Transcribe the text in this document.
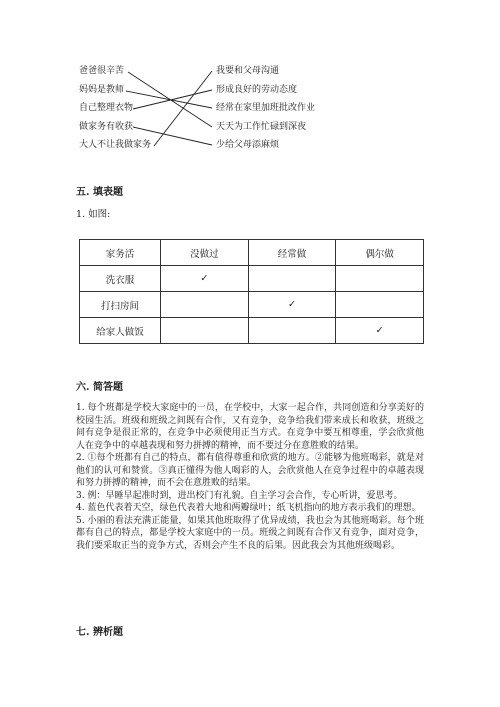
爸爸很辛苦
妈妈是教师
自己整理衣物
做家务有收获
大人不让我做家务
我要和父母沟通
形成良好的劳动态度
经常在家里加班批改作业
天天为工作忙碌到深夜
少给父母添麻烦
五. 填表题
1. 如图:
家务活	没做过	经常做	偶尔做
洗衣服	✓		
打扫房间		✓	
给家人做饭			✓
六. 简答题

1. 每个班都是学校大家庭中的一员，在学校中，大家一起合作，共同创造和分享美好的校园生活。班级和班级之间既有合作，又有竞争，竞争给我们带来成长和收获，班级之间有竞争是很正常的，在竞争中必须使用正当方式。在竞争中要互相尊重，学会欣赏他人在竞争中的卓越表现和努力拼搏的精神，而不要过分在意胜败的结果。

2. ①每个班都有自己的特点，都有值得尊重和欣赏的地方。②能够为他班喝彩，就是对他们的认可和赞赏。③真正懂得为他人喝彩的人，会欣赏他人在竞争过程中的卓越表现和努力拼搏的精神，而不会在意胜败的结果。

3. 例：早睡早起准时到，进出校门有礼貌。自主学习会合作，专心听讲，爱思考。

4. 蓝色代表着天空，绿色代表着大地和两瓣绿叶；纸飞机指向的地方表示我们的理想。

5. 小丽的看法充满正能量，如果其他班取得了优异成绩，我也会为其他班喝彩。每个班都有自己的特点，都是学校大家庭中的一员。班级之间既有合作又有竞争，面对竞争，我们要采取正当的竞争方式，否则会产生不良的后果。因此我会为其他班级喝彩。

七. 辨析题
